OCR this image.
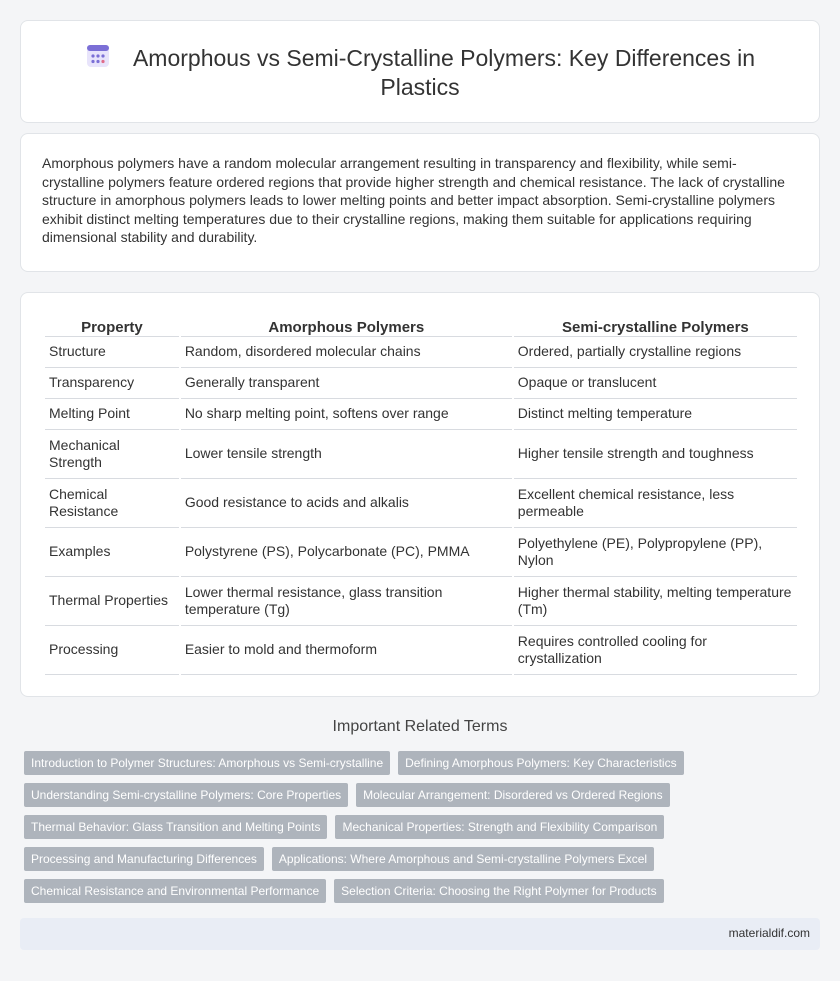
Amorphous vs Semi-Crystalline Polymers: Key Differences in Plastics

Amorphous polymers have a random molecular arrangement resulting in transparency and flexibility, while semi-crystalline polymers feature ordered regions that provide higher strength and chemical resistance. The lack of crystalline structure in amorphous polymers leads to lower melting points and better impact absorption. Semi-crystalline polymers exhibit distinct melting temperatures due to their crystalline regions, making them suitable for applications requiring dimensional stability and durability.

Property	Amorphous Polymers	Semi-crystalline Polymers
Structure	Random, disordered molecular chains	Ordered, partially crystalline regions
Transparency	Generally transparent	Opaque or translucent
Melting Point	No sharp melting point, softens over range	Distinct melting temperature
Mechanical Strength	Lower tensile strength	Higher tensile strength and toughness
Chemical Resistance	Good resistance to acids and alkalis	Excellent chemical resistance, less permeable
Examples	Polystyrene (PS), Polycarbonate (PC), PMMA	Polyethylene (PE), Polypropylene (PP), Nylon
Thermal Properties	Lower thermal resistance, glass transition temperature (Tg)	Higher thermal stability, melting temperature (Tm)
Processing	Easier to mold and thermoform	Requires controlled cooling for crystallization
Important Related Terms
Introduction to Polymer Structures: Amorphous vs Semi-crystalline	Defining Amorphous Polymers: Key Characteristics
Understanding Semi-crystalline Polymers: Core Properties	Molecular Arrangement: Disordered vs Ordered Regions
Thermal Behavior: Glass Transition and Melting Points	Mechanical Properties: Strength and Flexibility Comparison
Processing and Manufacturing Differences	Applications: Where Amorphous and Semi-crystalline Polymers Excel
Chemical Resistance and Environmental Performance	Selection Criteria: Choosing the Right Polymer for Products
materialdif.com
